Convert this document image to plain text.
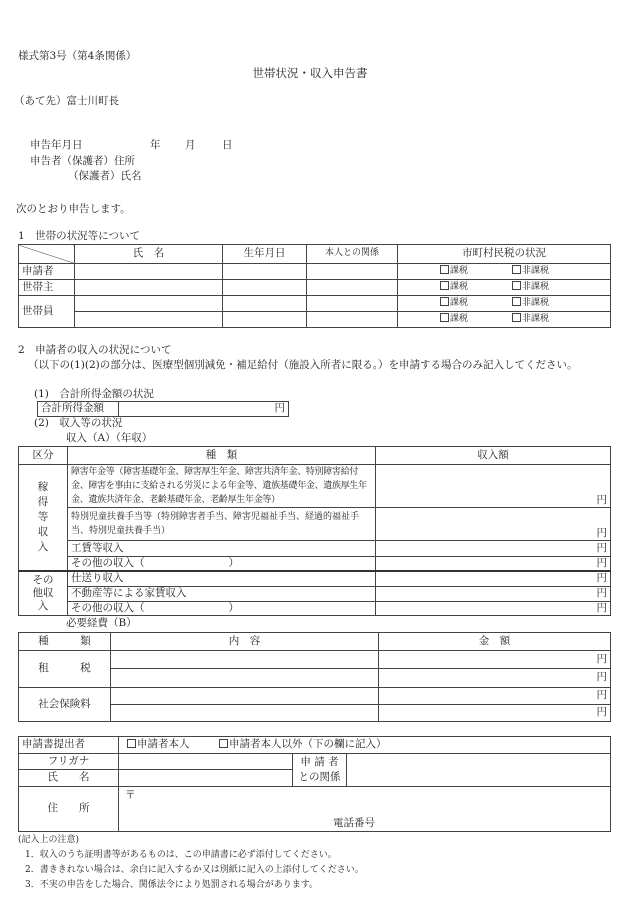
様式第3号（第4条関係）
世帯状況・収入申告書
（あて先）富士川町長
申告年月日	年 月	日
申告者（保護者）住所
（保護者）氏名
次のとおり申告します。
1　世帯の状況等について
	氏　名	生年月日	本人との関係	市町村民税の状況
申請者				課税 非課税
世帯主				課税 非課税
世帯員				課税 非課税
				課税 非課税
2　申請者の収入の状況について
（以下の(1)(2)の部分は、医療型個別減免・補足給付（施設入所者に限る。）を申請する場合のみ記入してください。
(1)　合計所得金額の状況
合計所得金額	円
(2)　収入等の状況
収入（A）（年収）
区分	種　類	収入額
稼得等収入	障害年金等（障害基礎年金、障害厚生年金、障害共済年金、特別障害給付金、障害を事由に支給される労災による年金等、遺族基礎年金、遺族厚生年金、遺族共済年金、老齢基礎年金、老齢厚生年金等）	円

	特別児童扶養手当等（特別障害者手当、障害児福祉手当、経過的福祉手当、特別児童扶養手当）	円

	工賃等収入	円

	その他の収入（　　　　　　　　）	円

その他収入	仕送り収入	円

	不動産等による家賃収入	円

	その他の収入（　　　　　　　　）	円
必要経費（B）
種　　　類	内　容	金　額
租　　　税		円

		円

社会保険料		円

		円
申請書提出者	申請者本人 申請者本人以外（下の欄に記入）		
フリガナ		申 請 者
との関係	
氏　　名			
住　　所	〒
電話番号		
(記入上の注意)
1．収入のうち証明書等があるものは、この申請書に必ず添付してください。
2．書ききれない場合は、余白に記入するか又は別紙に記入の上添付してください。
3．不実の申告をした場合、関係法令により処罰される場合があります。
